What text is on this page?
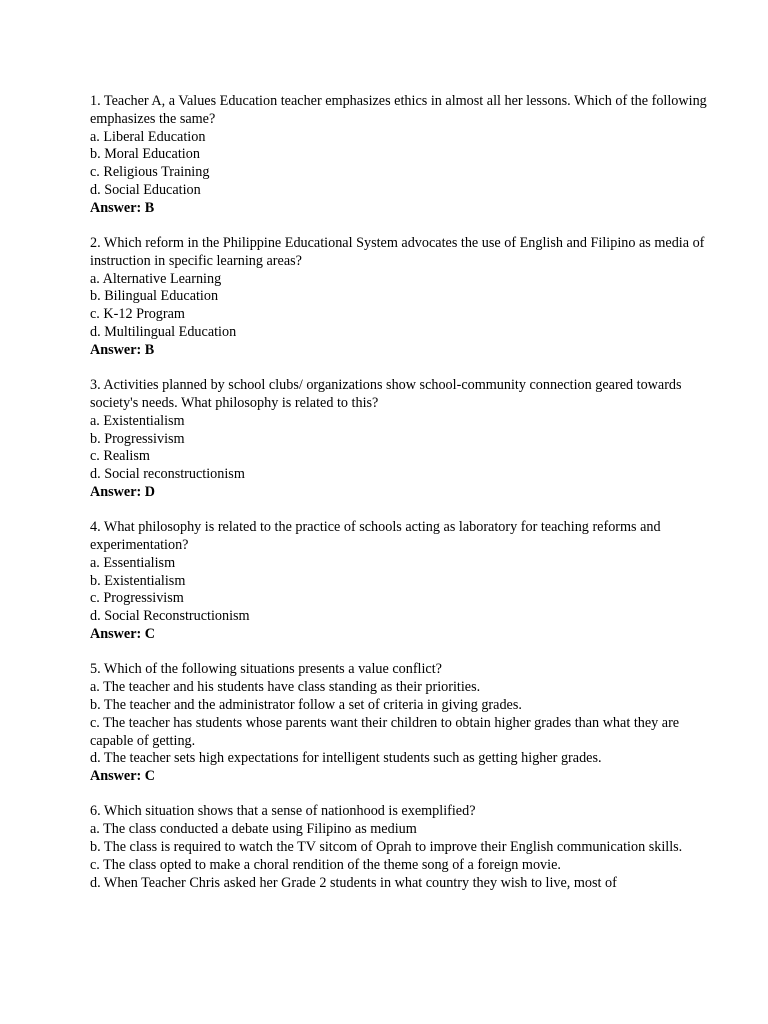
1. Teacher A, a Values Education teacher emphasizes ethics in almost all her lessons. Which of the following emphasizes the same?

a. Liberal Education

b. Moral Education

c. Religious Training

d. Social Education

Answer: B

2. Which reform in the Philippine Educational System advocates the use of English and Filipino as media of instruction in specific learning areas?

a. Alternative Learning

b. Bilingual Education

c. K-12 Program

d. Multilingual Education

Answer: B

3. Activities planned by school clubs/ organizations show school-community connection geared towards society's needs. What philosophy is related to this?

a. Existentialism

b. Progressivism

c. Realism

d. Social reconstructionism

Answer: D

4. What philosophy is related to the practice of schools acting as laboratory for teaching reforms and experimentation?

a. Essentialism

b. Existentialism

c. Progressivism

d. Social Reconstructionism

Answer: C

5. Which of the following situations presents a value conflict?

a. The teacher and his students have class standing as their priorities.

b. The teacher and the administrator follow a set of criteria in giving grades.

c. The teacher has students whose parents want their children to obtain higher grades than what they are capable of getting.

d. The teacher sets high expectations for intelligent students such as getting higher grades.

Answer: C

6. Which situation shows that a sense of nationhood is exemplified?

a. The class conducted a debate using Filipino as medium

b. The class is required to watch the TV sitcom of Oprah to improve their English communication skills.

c. The class opted to make a choral rendition of the theme song of a foreign movie.

d. When Teacher Chris asked her Grade 2 students in what country they wish to live, most of
